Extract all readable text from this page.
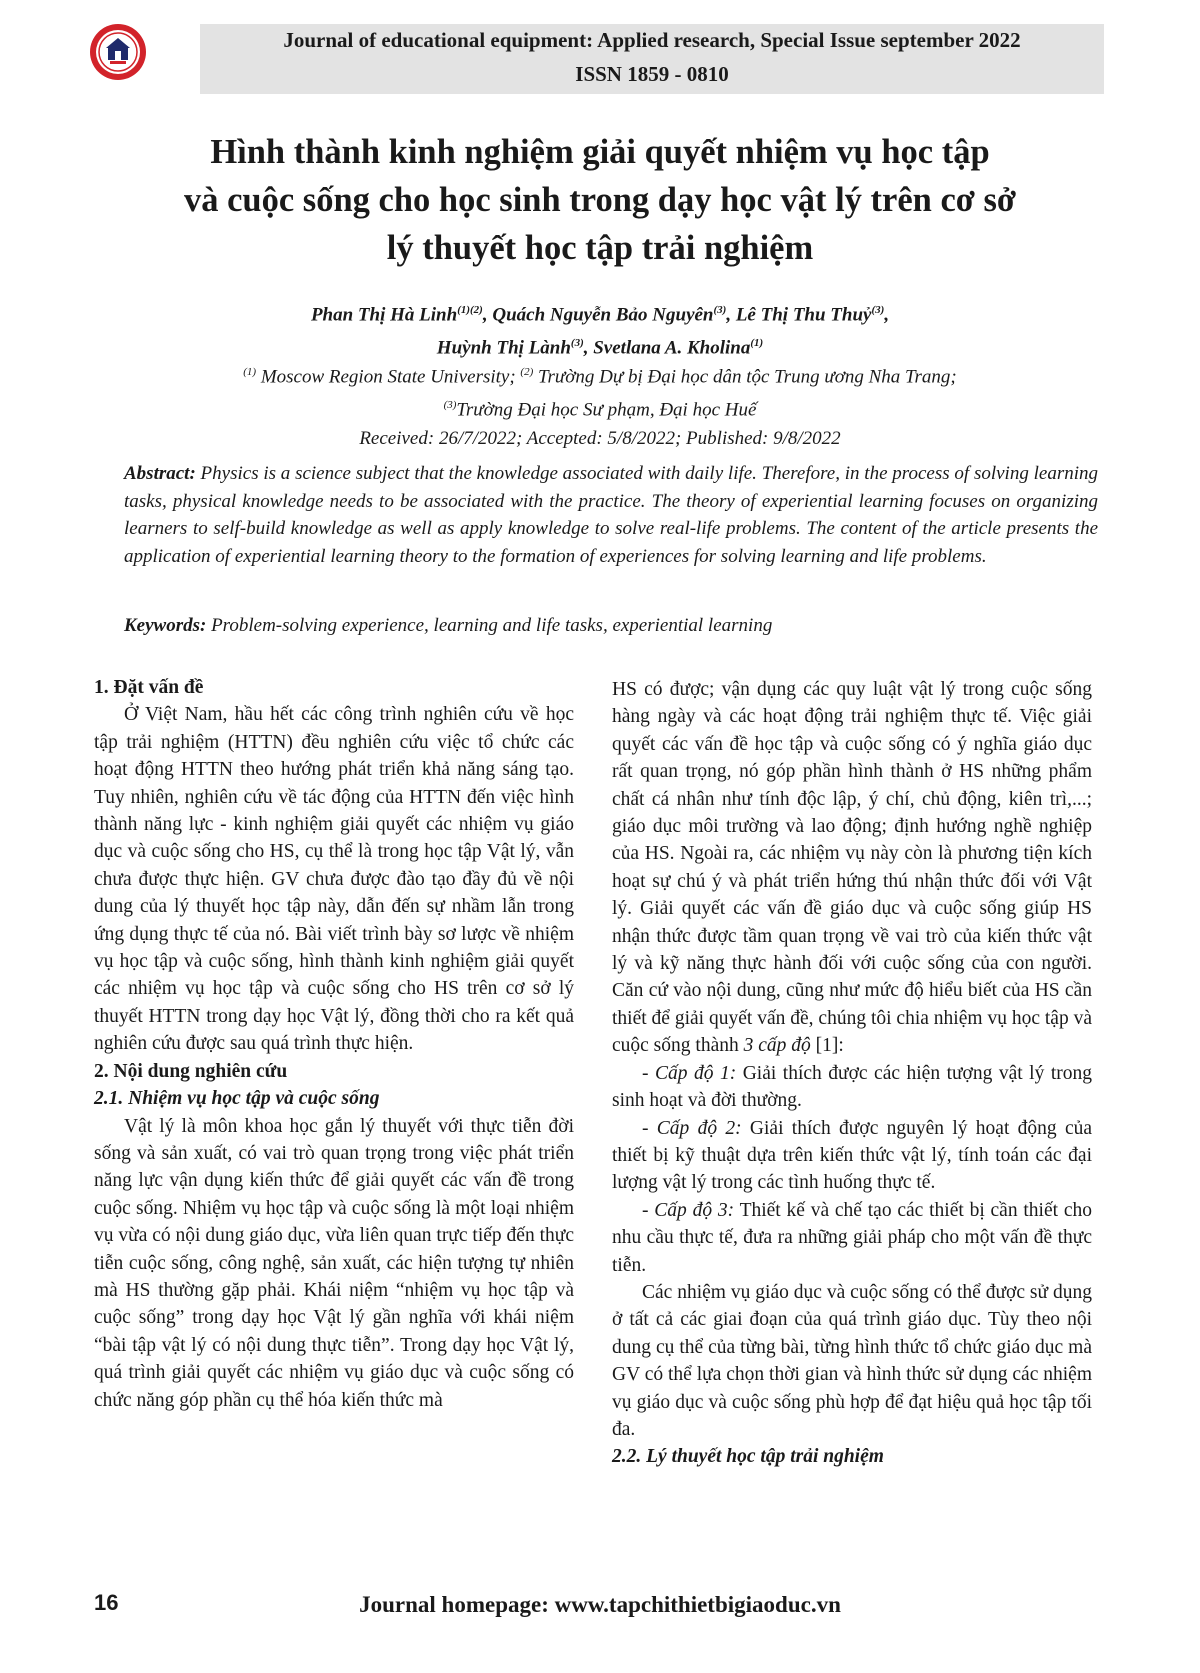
Journal of educational equipment: Applied research, Special Issue september 2022
ISSN 1859 - 0810
Hình thành kinh nghiệm giải quyết nhiệm vụ học tập
và cuộc sống cho học sinh trong dạy học vật lý trên cơ sở
lý thuyết học tập trải nghiệm
Phan Thị Hà Linh$^{(1)(2)}$, Quách Nguyễn Bảo Nguyên$^{(3)}$, Lê Thị Thu Thuỷ$^{(3)}$,
Huỳnh Thị Lành$^{(3)}$, Svetlana A. Kholina$^{(1)}$
$^{(1)}$ Moscow Region State University; $^{(2)}$ Trường Dự bị Đại học dân tộc Trung ương Nha Trang;
$^{(3)}$Trường Đại học Sư phạm, Đại học Huế
Received: 26/7/2022; Accepted: 5/8/2022; Published: 9/8/2022
Abstract: Physics is a science subject that the knowledge associated with daily life. Therefore, in the process of solving learning tasks, physical knowledge needs to be associated with the practice. The theory of experiential learning focuses on organizing learners to self-build knowledge as well as apply knowledge to solve real-life problems. The content of the article presents the application of experiential learning theory to the formation of experiences for solving learning and life problems.
Keywords: Problem-solving experience, learning and life tasks, experiential learning

1. Đặt vấn đề

Ở Việt Nam, hầu hết các công trình nghiên cứu về học tập trải nghiệm (HTTN) đều nghiên cứu việc tổ chức các hoạt động HTTN theo hướng phát triển khả năng sáng tạo. Tuy nhiên, nghiên cứu về tác động của HTTN đến việc hình thành năng lực - kinh nghiệm giải quyết các nhiệm vụ giáo dục và cuộc sống cho HS, cụ thể là trong học tập Vật lý, vẫn chưa được thực hiện. GV chưa được đào tạo đầy đủ về nội dung của lý thuyết học tập này, dẫn đến sự nhầm lẫn trong ứng dụng thực tế của nó. Bài viết trình bày sơ lược về nhiệm vụ học tập và cuộc sống, hình thành kinh nghiệm giải quyết các nhiệm vụ học tập và cuộc sống cho HS trên cơ sở lý thuyết HTTN trong dạy học Vật lý, đồng thời cho ra kết quả nghiên cứu được sau quá trình thực hiện.

2. Nội dung nghiên cứu

2.1. Nhiệm vụ học tập và cuộc sống

Vật lý là môn khoa học gắn lý thuyết với thực tiễn đời sống và sản xuất, có vai trò quan trọng trong việc phát triển năng lực vận dụng kiến thức để giải quyết các vấn đề trong cuộc sống. Nhiệm vụ học tập và cuộc sống là một loại nhiệm vụ vừa có nội dung giáo dục, vừa liên quan trực tiếp đến thực tiễn cuộc sống, công nghệ, sản xuất, các hiện tượng tự nhiên mà HS thường gặp phải. Khái niệm “nhiệm vụ học tập và cuộc sống” trong dạy học Vật lý gần nghĩa với khái niệm “bài tập vật lý có nội dung thực tiễn”. Trong dạy học Vật lý, quá trình giải quyết các nhiệm vụ giáo dục và cuộc sống có chức năng góp phần cụ thể hóa kiến thức mà

HS có được; vận dụng các quy luật vật lý trong cuộc sống hàng ngày và các hoạt động trải nghiệm thực tế. Việc giải quyết các vấn đề học tập và cuộc sống có ý nghĩa giáo dục rất quan trọng, nó góp phần hình thành ở HS những phẩm chất cá nhân như tính độc lập, ý chí, chủ động, kiên trì,...; giáo dục môi trường và lao động; định hướng nghề nghiệp của HS. Ngoài ra, các nhiệm vụ này còn là phương tiện kích hoạt sự chú ý và phát triển hứng thú nhận thức đối với Vật lý. Giải quyết các vấn đề giáo dục và cuộc sống giúp HS nhận thức được tầm quan trọng về vai trò của kiến thức vật lý và kỹ năng thực hành đối với cuộc sống của con người. Căn cứ vào nội dung, cũng như mức độ hiểu biết của HS cần thiết để giải quyết vấn đề, chúng tôi chia nhiệm vụ học tập và cuộc sống thành 3 cấp độ [1]:

- Cấp độ 1: Giải thích được các hiện tượng vật lý trong sinh hoạt và đời thường.

- Cấp độ 2: Giải thích được nguyên lý hoạt động của thiết bị kỹ thuật dựa trên kiến thức vật lý, tính toán các đại lượng vật lý trong các tình huống thực tế.

- Cấp độ 3: Thiết kế và chế tạo các thiết bị cần thiết cho nhu cầu thực tế, đưa ra những giải pháp cho một vấn đề thực tiễn.

Các nhiệm vụ giáo dục và cuộc sống có thể được sử dụng ở tất cả các giai đoạn của quá trình giáo dục. Tùy theo nội dung cụ thể của từng bài, từng hình thức tổ chức giáo dục mà GV có thể lựa chọn thời gian và hình thức sử dụng các nhiệm vụ giáo dục và cuộc sống phù hợp để đạt hiệu quả học tập tối đa.

2.2. Lý thuyết học tập trải nghiệm

16	Journal homepage: www.tapchithietbigiaoduc.vn
